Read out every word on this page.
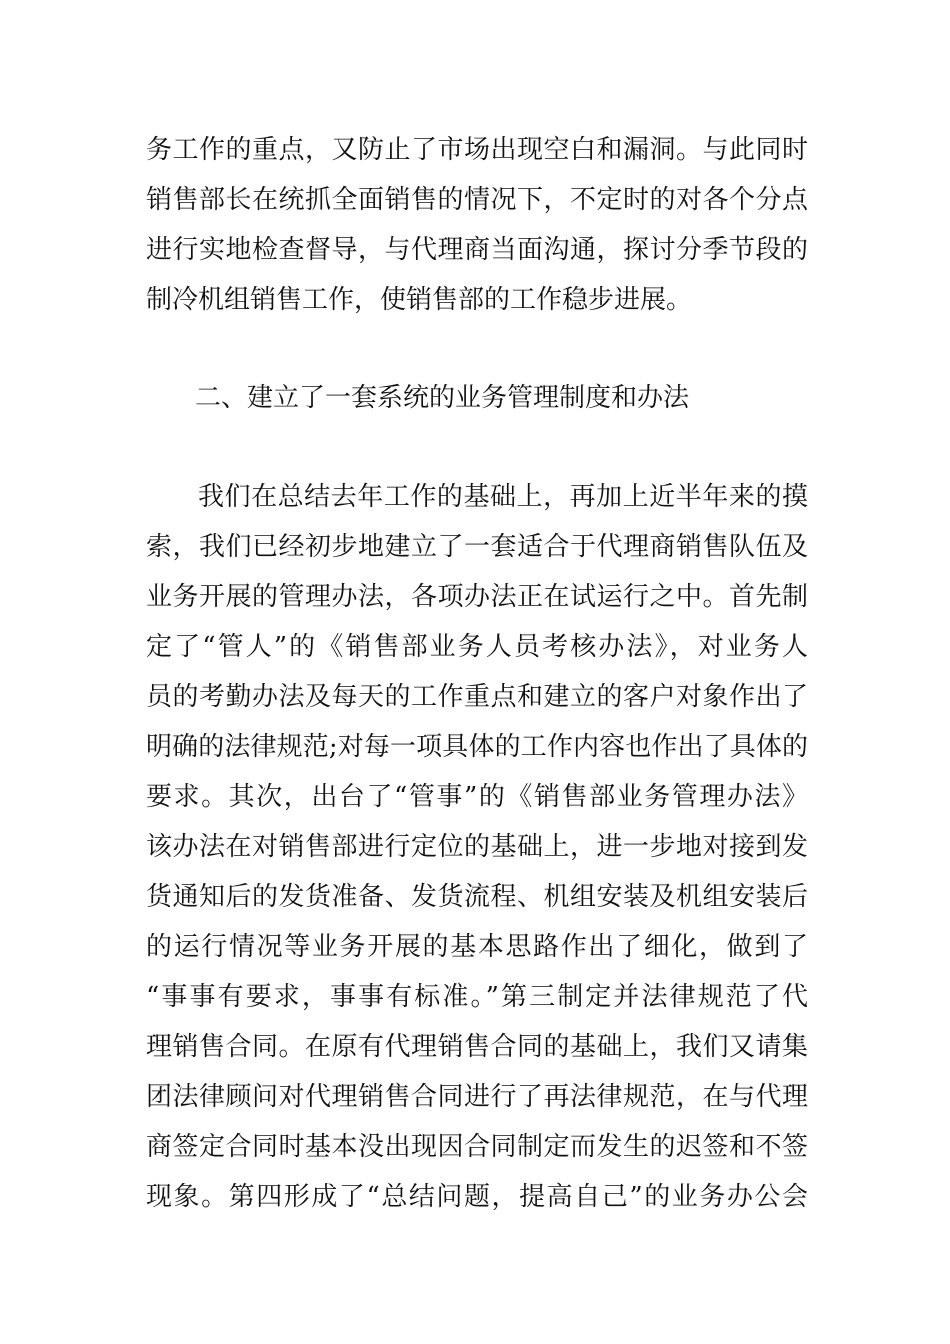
务工作的重点，又防止了市场出现空白和漏洞。与此同时
销售部长在统抓全面销售的情况下，不定时的对各个分点
进行实地检查督导，与代理商当面沟通，探讨分季节段的
制冷机组销售工作，使销售部的工作稳步进展。
二、建立了一套系统的业务管理制度和办法
我们在总结去年工作的基础上，再加上近半年来的摸
索，我们已经初步地建立了一套适合于代理商销售队伍及
业务开展的管理办法，各项办法正在试运行之中。首先制
定了“管人”的《销售部业务人员考核办法》，对业务人
员的考勤办法及每天的工作重点和建立的客户对象作出了
明确的法律规范;对每一项具体的工作内容也作出了具体的
要求。其次，出台了“管事”的《销售部业务管理办法》
该办法在对销售部进行定位的基础上，进一步地对接到发
货通知后的发货准备、发货流程、机组安装及机组安装后
的运行情况等业务开展的基本思路作出了细化，做到了
“事事有要求，事事有标准。”第三制定并法律规范了代
理销售合同。在原有代理销售合同的基础上，我们又请集
团法律顾问对代理销售合同进行了再法律规范，在与代理
商签定合同时基本没出现因合同制定而发生的迟签和不签
现象。第四形成了“总结问题，提高自己”的业务办公会
